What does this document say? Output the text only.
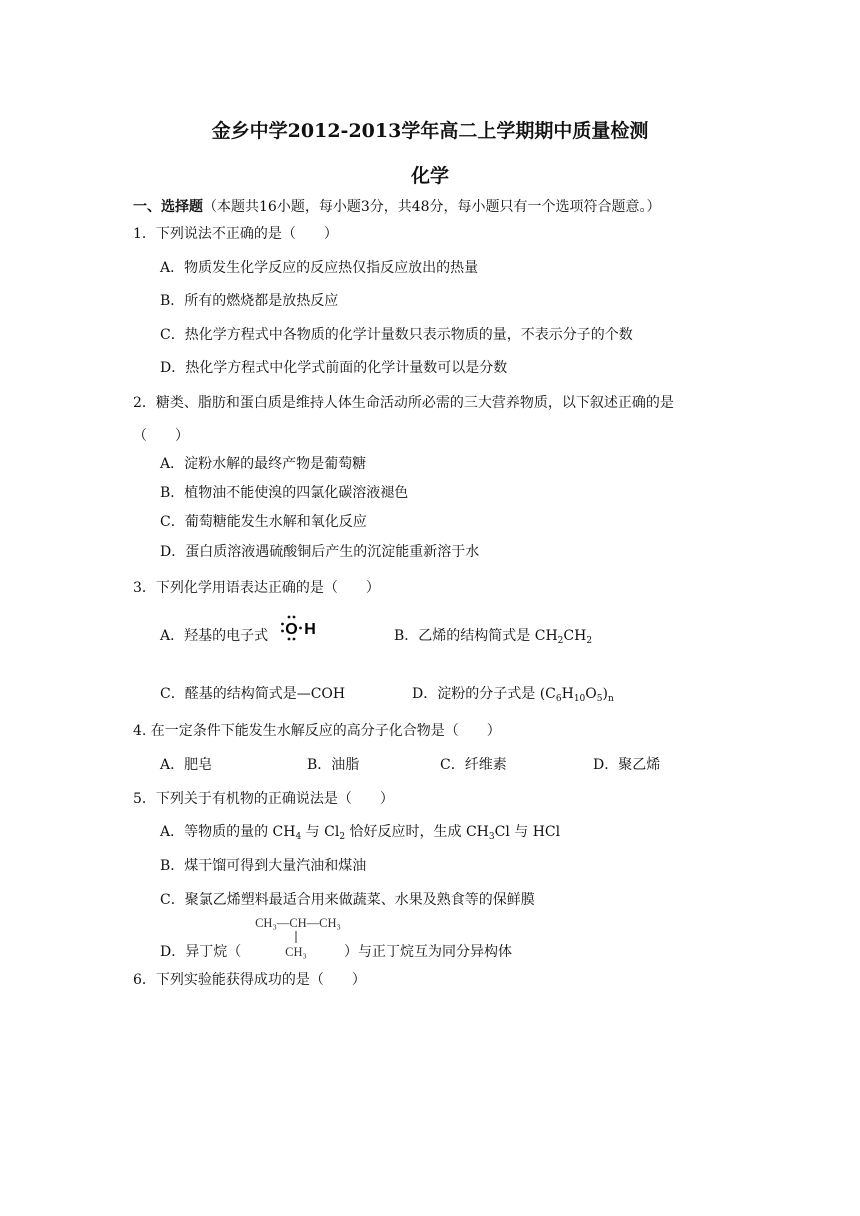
金乡中学2012-2013学年高二上学期期中质量检测
化学
一、选择题（本题共16小题，每小题3分，共48分，每小题只有一个选项符合题意。）
1．下列说法不正确的是（　　）
A．物质发生化学反应的反应热仅指反应放出的热量
B．所有的燃烧都是放热反应
C．热化学方程式中各物质的化学计量数只表示物质的量，不表示分子的个数
D．热化学方程式中化学式前面的化学计量数可以是分数
2．糖类、脂肪和蛋白质是维持人体生命活动所必需的三大营养物质，以下叙述正确的是
（　　）
A．淀粉水解的最终产物是葡萄糖
B．植物油不能使溴的四氯化碳溶液褪色
C．葡萄糖能发生水解和氧化反应
D．蛋白质溶液遇硫酸铜后产生的沉淀能重新溶于水
3．下列化学用语表达正确的是（　　）
A．羟基的电子式 O H	B．乙烯的结构简式是 $CH_2CH_2$
C．醛基的结构简式是—COH	D．淀粉的分子式是 $(C_6H_{10}O_5)_n$
4. 在一定条件下能发生水解反应的高分子化合物是（　　）
A．肥皂	B．油脂	C．纤维素	D．聚乙烯
5．下列关于有机物的正确说法是（　　）
A．等物质的量的 $CH_4$ 与 $Cl_2$ 恰好反应时，生成 $CH_3Cl$ 与 HCl
B．煤干馏可得到大量汽油和煤油
C．聚氯乙烯塑料最适合用来做蔬菜、水果及熟食等的保鲜膜
CH₃—CH—CH₃
CH₃
D．异丁烷（	）与正丁烷互为同分异构体
6．下列实验能获得成功的是（　　）
